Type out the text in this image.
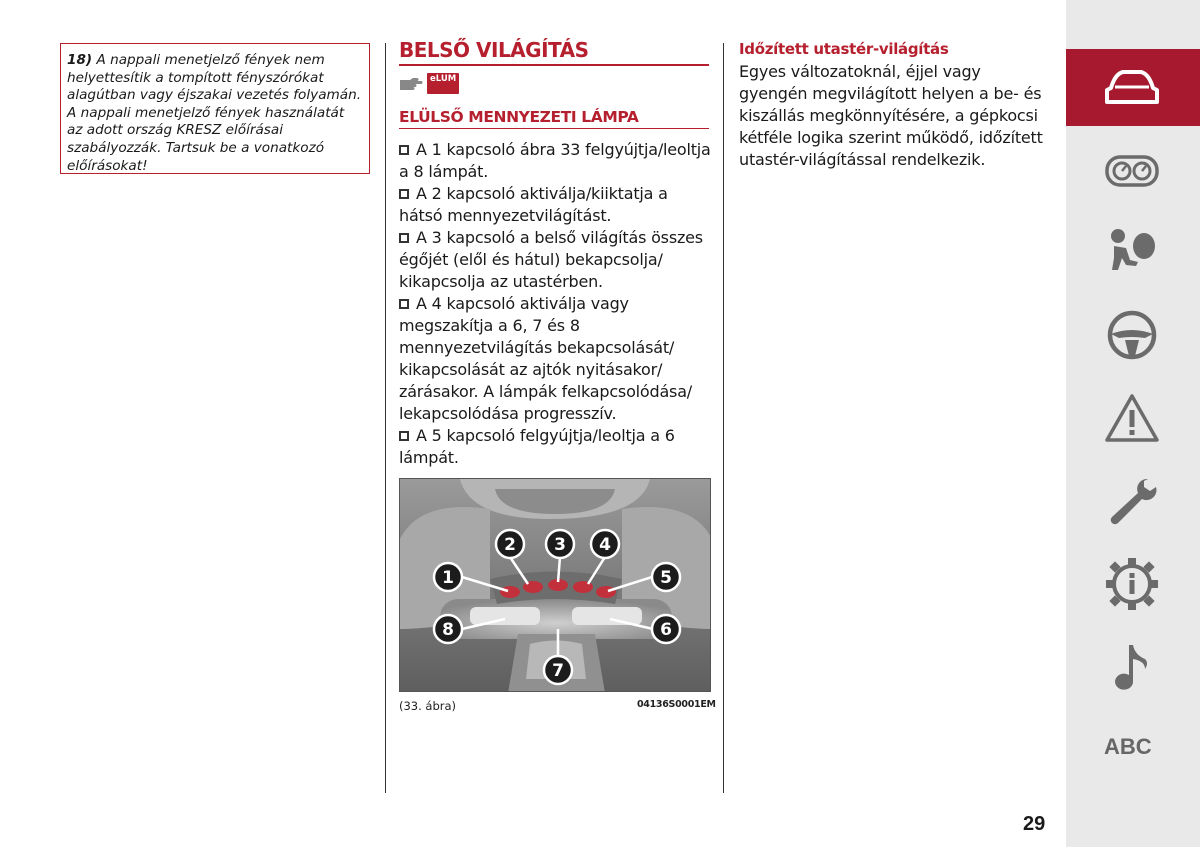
18) A nappali menetjelző fények nem helyettesítik a tompított fényszórókat alagútban vagy éjszakai vezetés folyamán. A nappali menetjelző fények használatát az adott ország KRESZ előírásai szabályozzák. Tartsuk be a vonatkozó előírásokat!
BELSŐ VILÁGÍTÁS
eLUM
ELÜLSŐ MENNYEZETI LÁMPA
A 1 kapcsoló ábra 33 felgyújtja/leoltja a 8 lámpát.
A 2 kapcsoló aktiválja/kiiktatja a hátsó mennyezetvilágítást.
A 3 kapcsoló a belső világítás összes égőjét (elől és hátul) bekapcsolja/ kikapcsolja az utastérben.
A 4 kapcsoló aktiválja vagy megszakítja a 6, 7 és 8 mennyezetvilágítás bekapcsolását/ kikapcsolását az ajtók nyitásakor/ zárásakor. A lámpák felkapcsolódása/ lekapcsolódása progresszív.
A 5 kapcsoló felgyújtja/leoltja a 6 lámpát.
1
2 3 4
5
6
7
8
(33. ábra)	04136S0001EM
Időzített utastér-világítás
Egyes változatoknál, éjjel vagy gyengén megvilágított helyen a be- és kiszállás megkönnyítésére, a gépkocsi kétféle logika szerint működő, időzített utastér-világítással rendelkezik.
ABC
29
